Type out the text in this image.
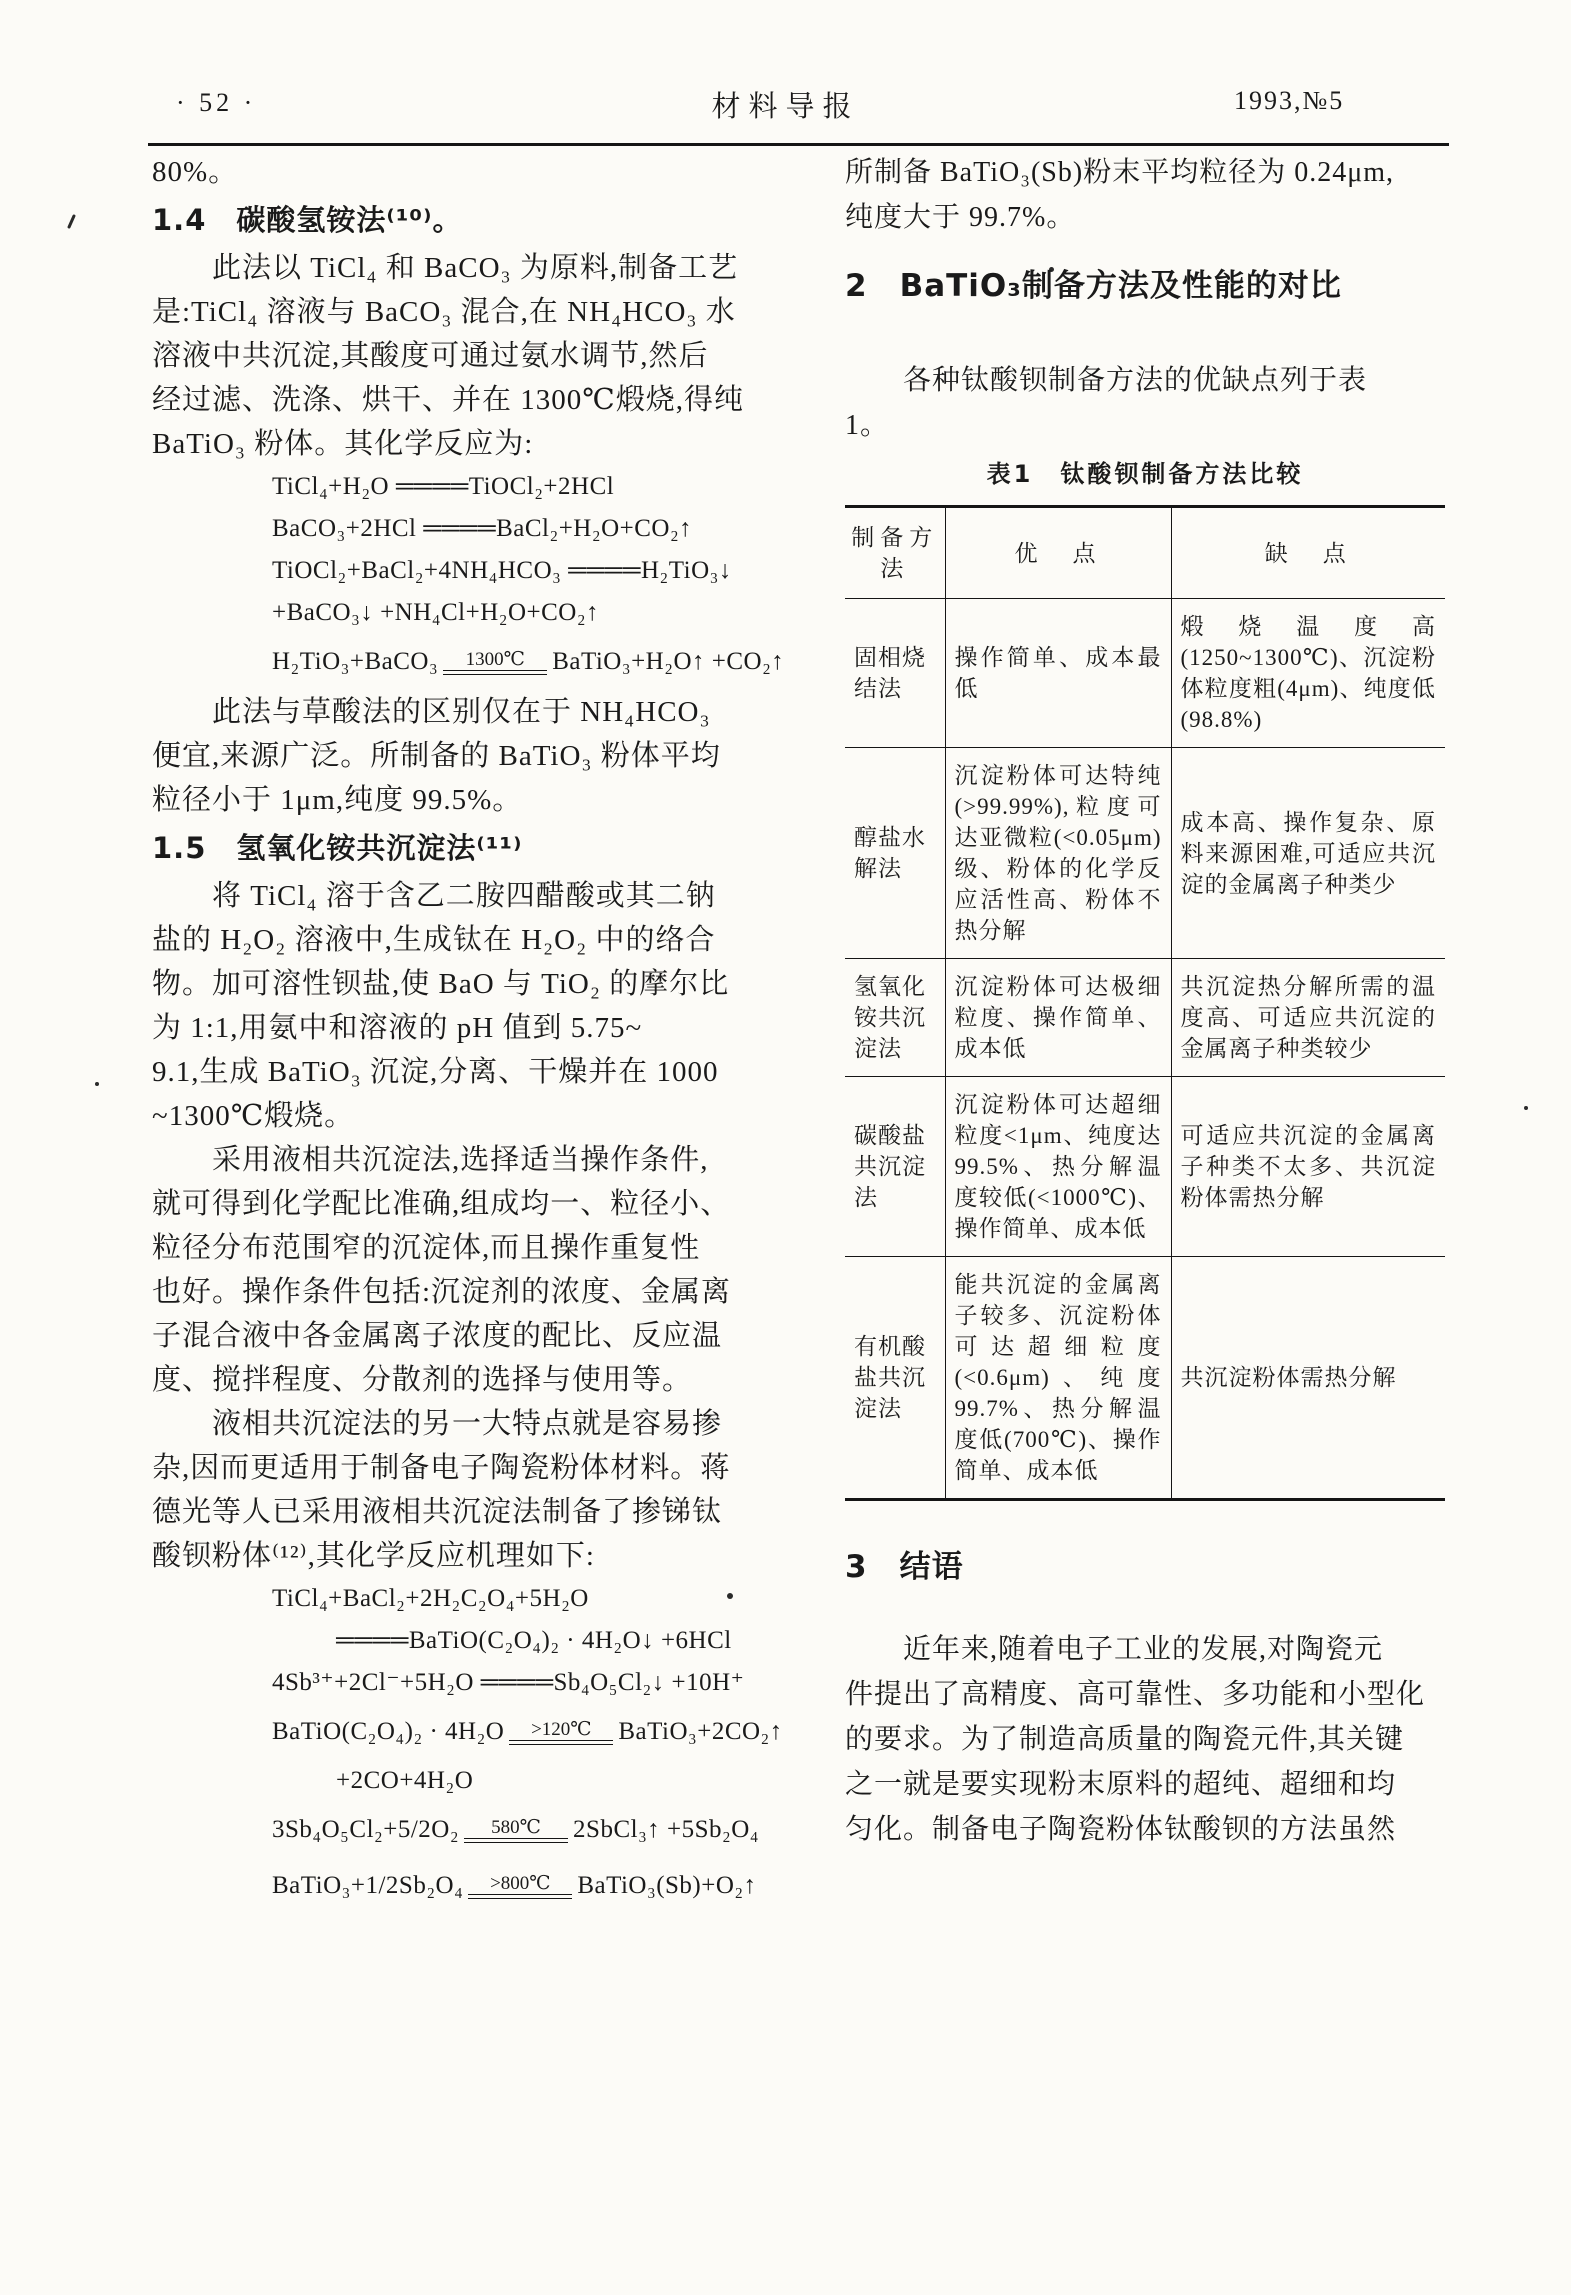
· 52 ·	材料导报	1993,№5
80%。
1.4　碳酸氢铵法⁽¹⁰⁾。
　　此法以 TiCl₄ 和 BaCO₃ 为原料,制备工艺
是:TiCl₄ 溶液与 BaCO₃ 混合,在 NH₄HCO₃ 水
溶液中共沉淀,其酸度可通过氨水调节,然后
经过滤、洗涤、烘干、并在 1300℃煅烧,得纯
BaTiO₃ 粉体。其化学反应为:
TiCl₄+H₂O ════TiOCl₂+2HCl
BaCO₃+2HCl ════BaCl₂+H₂O+CO₂↑
TiOCl₂+BaCl₂+4NH₄HCO₃ ════H₂TiO₃↓
+BaCO₃↓ +NH₄Cl+H₂O+CO₂↑
H₂TiO₃+BaCO₃ 1300℃ BaTiO₃+H₂O↑ +CO₂↑
　　此法与草酸法的区别仅在于 NH₄HCO₃
便宜,来源广泛。所制备的 BaTiO₃ 粉体平均
粒径小于 1μm,纯度 99.5%。
1.5　氢氧化铵共沉淀法⁽¹¹⁾
　　将 TiCl₄ 溶于含乙二胺四醋酸或其二钠
盐的 H₂O₂ 溶液中,生成钛在 H₂O₂ 中的络合
物。加可溶性钡盐,使 BaO 与 TiO₂ 的摩尔比
为 1:1,用氨中和溶液的 pH 值到 5.75~
9.1,生成 BaTiO₃ 沉淀,分离、干燥并在 1000
~1300℃煅烧。
　　采用液相共沉淀法,选择适当操作条件,
就可得到化学配比准确,组成均一、粒径小、
粒径分布范围窄的沉淀体,而且操作重复性
也好。操作条件包括:沉淀剂的浓度、金属离
子混合液中各金属离子浓度的配比、反应温
度、搅拌程度、分散剂的选择与使用等。
　　液相共沉淀法的另一大特点就是容易掺
杂,因而更适用于制备电子陶瓷粉体材料。蒋
德光等人已采用液相共沉淀法制备了掺锑钛
酸钡粉体⁽¹²⁾,其化学反应机理如下:
TiCl₄+BaCl₂+2H₂C₂O₄+5H₂O
════BaTiO(C₂O₄)₂ · 4H₂O↓ +6HCl
4Sb³⁺+2Cl⁻+5H₂O ════Sb₄O₅Cl₂↓ +10H⁺
BaTiO(C₂O₄)₂ · 4H₂O >120℃ BaTiO₃+2CO₂↑
+2CO+4H₂O
3Sb₄O₅Cl₂+5/2O₂ 580℃ 2SbCl₃↑ +5Sb₂O₄
BaTiO₃+1/2Sb₂O₄ >800℃ BaTiO₃(Sb)+O₂↑
所制备 BaTiO₃(Sb)粉末平均粒径为 0.24μm,
纯度大于 99.7%。
2　BaTiO₃制备方法及性能的对比
　　各种钛酸钡制备方法的优缺点列于表
1。
表1　钛酸钡制备方法比较
制备方法	优　点	缺　点
固相烧结法	操作简单、成本最低	煅烧温度高(1250~1300℃)、沉淀粉体粒度粗(4μm)、纯度低(98.8%)
醇盐水解法	沉淀粉体可达特纯(>99.99%),粒度可达亚微粒(<0.05μm)级、粉体的化学反应活性高、粉体不热分解	成本高、操作复杂、原料来源困难,可适应共沉淀的金属离子种类少
氢氧化铵共沉淀法	沉淀粉体可达极细粒度、操作简单、成本低	共沉淀热分解所需的温度高、可适应共沉淀的金属离子种类较少
碳酸盐共沉淀法	沉淀粉体可达超细粒度<1μm、纯度达99.5%、热分解温度较低(<1000℃)、操作简单、成本低	可适应共沉淀的金属离子种类不太多、共沉淀粉体需热分解
有机酸盐共沉淀法	能共沉淀的金属离子较多、沉淀粉体可达超细粒度(<0.6μm)、纯度 99.7%、热分解温度低(700℃)、操作简单、成本低	共沉淀粉体需热分解
3　结语
　　近年来,随着电子工业的发展,对陶瓷元
件提出了高精度、高可靠性、多功能和小型化
的要求。为了制造高质量的陶瓷元件,其关键
之一就是要实现粉末原料的超纯、超细和均
匀化。制备电子陶瓷粉体钛酸钡的方法虽然
